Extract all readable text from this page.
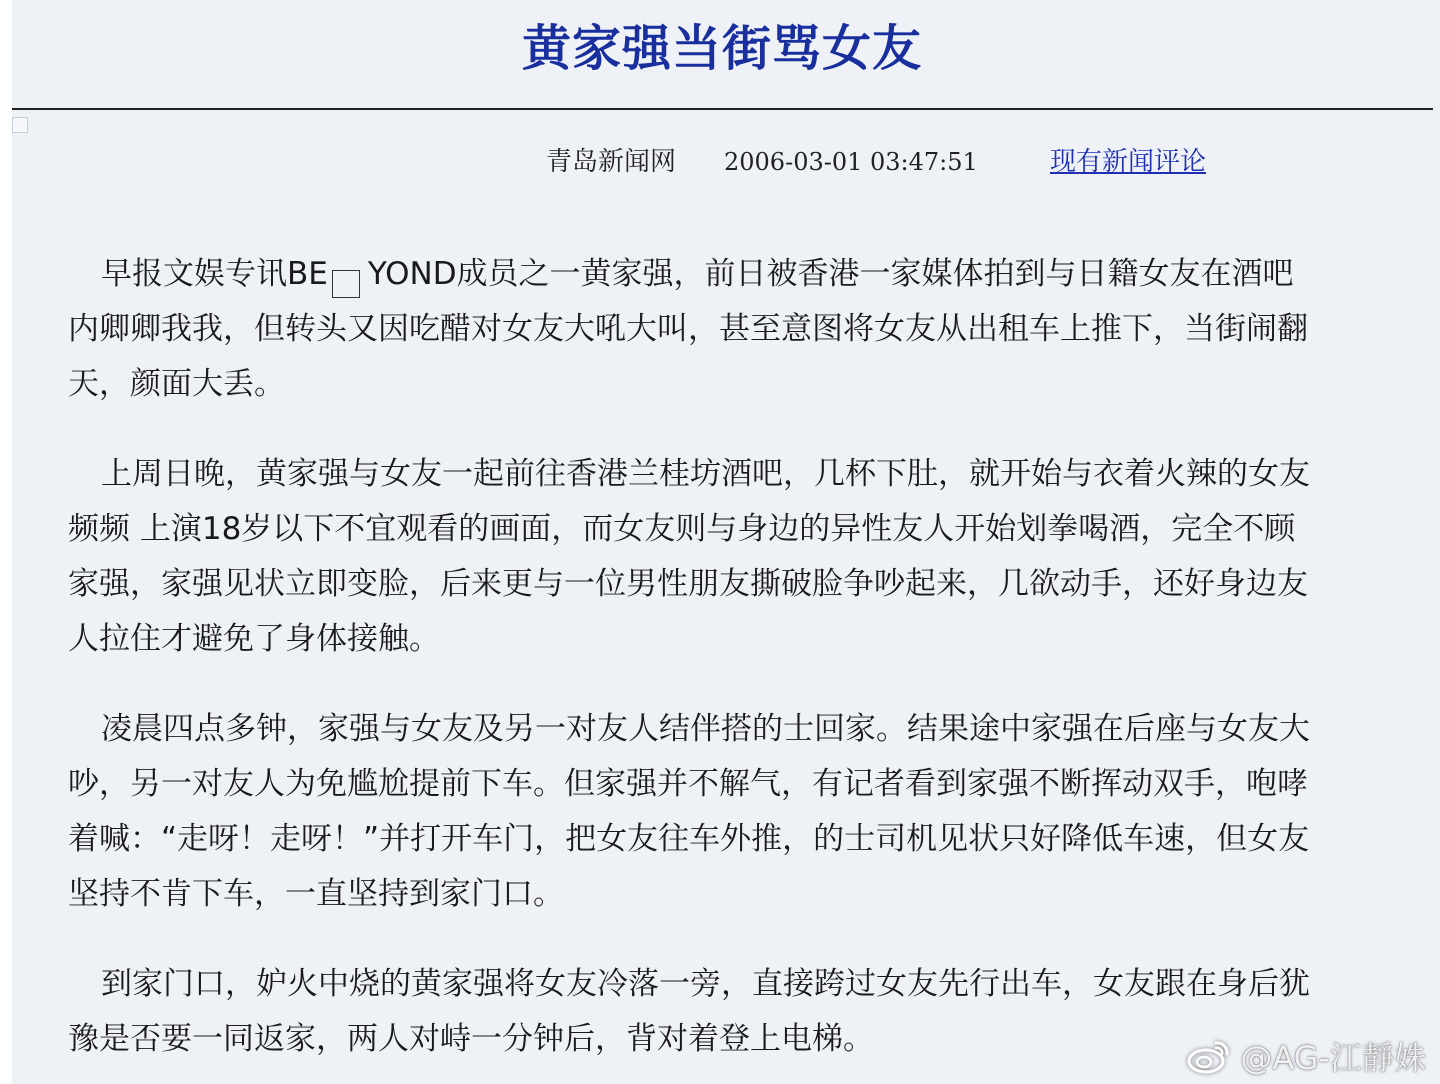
黄家强当街骂女友
青岛新闻网 2006-03-01 03:47:51	现有新闻评论

早报文娱专讯BE YOND成员之一黄家强，前日被香港一家媒体拍到与日籍女友在酒吧内卿卿我我，但转头又因吃醋对女友大吼大叫，甚至意图将女友从出租车上推下，当街闹翻天，颜面大丢。

上周日晚，黄家强与女友一起前往香港兰桂坊酒吧，几杯下肚，就开始与衣着火辣的女友频频 上演18岁以下不宜观看的画面，而女友则与身边的异性友人开始划拳喝酒，完全不顾家强，家强见状立即变脸，后来更与一位男性朋友撕破脸争吵起来，几欲动手，还好身边友人拉住才避免了身体接触。

凌晨四点多钟，家强与女友及另一对友人结伴搭的士回家。结果途中家强在后座与女友大吵，另一对友人为免尴尬提前下车。但家强并不解气，有记者看到家强不断挥动双手，咆哮着喊：“走呀！走呀！”并打开车门，把女友往车外推，的士司机见状只好降低车速，但女友坚持不肯下车，一直坚持到家门口。

到家门口，妒火中烧的黄家强将女友冷落一旁，直接跨过女友先行出车，女友跟在身后犹豫是否要一同返家，两人对峙一分钟后，背对着登上电梯。	@AG-江靜姝
